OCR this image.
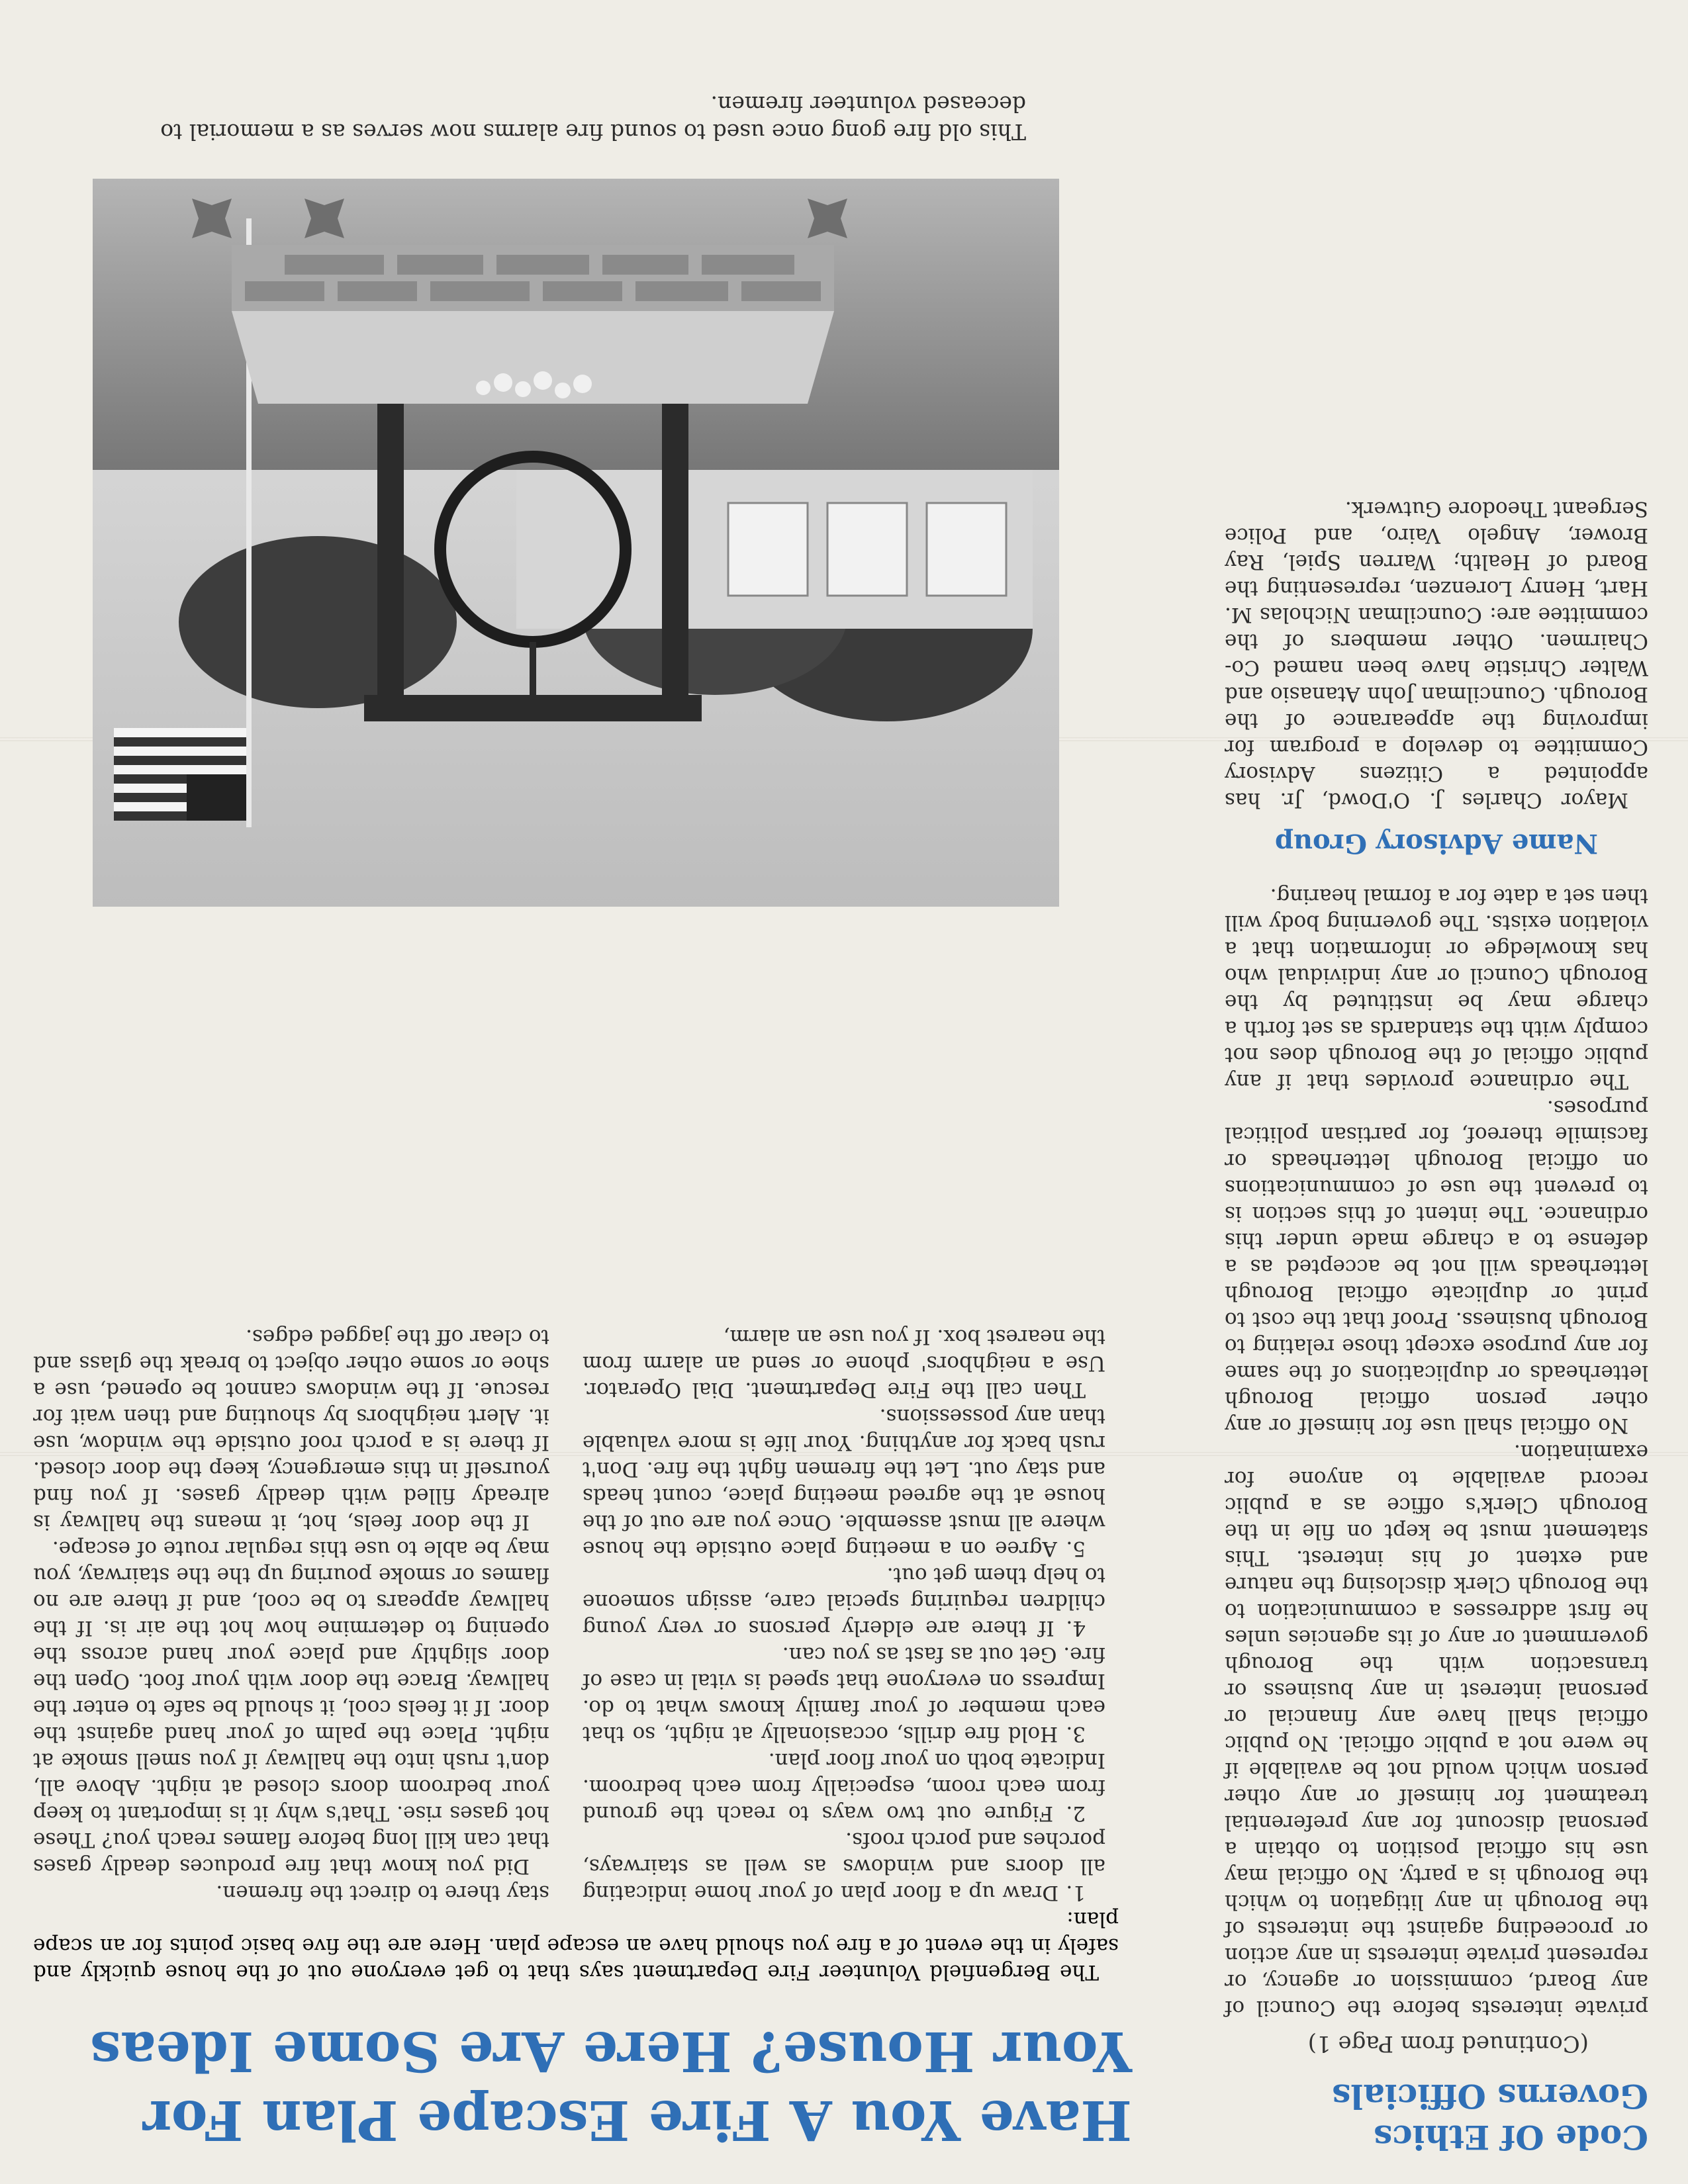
Code Of Ethics Governs Officials
(Continued from Page 1)

private interests before the Council of any Board, commission or agency, or represent private interests in any action or proceeding against the interests of the Borough in any litigation to which the Borough is a party. No official may use his official position to obtain a personal discount for any preferential treatment for himself or any other person which would not be available if he were not a public official. No public official shall have any financial or personal interest in any business or transaction with the Borough government or any of its agencies unles he first addresses a communication to the Borough Clerk disclosing the nature and extent of his interest. This statement must be kept on file in the Borough Clerk's office as a public record available to anyone for examination.

No official shall use for himself or any other person official Borough letterheads or duplications of the same for any purpose except those relating to Borough business. Proof that the cost to print or duplicate official Borough letterheads will not be accepted as a defense to a charge made under this ordinance. The intent of this section is to prevent the use of communications on official Borough letterheads or facsimile thereof, for partisan political purposes.

The ordinance provides that if any public official of the Borough does not comply with the standards as set forth a charge may be instituted by the Borough Council or any individual who has knowledge or information that a violation exists. The governing body will then set a date for a formal hearing.

Name Advisory Group

Mayor Charles J. O'Dowd, Jr. has appointed a Citizens Advisory Committee to develop a program for improving the appearance of the Borough. Councilman John Atanasio and Walter Christie have been named Co-Chairmen. Other members of the committee are: Councilman Nicholas M. Hart, Henry Lorenzen, representing the Board of Health; Warren Spiel, Ray Brower, Angelo Vairo, and Police Sergeant Theodore Gutwerk.

Have You A Fire Escape Plan For Your House? Here Are Some Ideas

The Bergenfield Volunteer Fire Department says that to get everyone out of the house quickly and safely in the event of a fire you should have an escape plan. Here are the five basic points for an scape plan:

1. Draw up a floor plan of your home indicating all doors and windows as well as stairways, porches and porch roofs.

2. Figure out two ways to reach the ground from each room, especially from each bedroom. Indicate both on your floor plan.

3. Hold fire drills, occasionally at night, so that each member of your family knows what to do. Impress on everyone that speed is vital in case of fire. Get out as fast as you can.

4. If there are elderly persons or very young children requiring special care, assign someone to help them get out.

5. Agree on a meeting place outside the house where all must assemble. Once you are out of the house at the agreed meeting place, count heads and stay out. Let the firemen fight the fire. Don't rush back for anything. Your life is more valuable than any possessions.

Then call the Fire Department. Dial Operator. Use a neighbors' phone or send an alarm from the nearest box. If you use an alarm,

stay there to direct the firemen.

Did you know that fire produces deadly gases that can kill long before flames reach you? These hot gases rise. That's why it is important to keep your bedroom doors closed at night. Above all, don't rush into the hallway if you smell smoke at night. Place the palm of your hand against the door. If it feels cool, it should be safe to enter the hallway. Brace the door with your foot. Open the door slightly and place your hand across the opening to determine how hot the air is. If the hallway appears to be cool, and if there are no flames or smoke pouring up the the stairway, you may be able to use this regular route of escape.

If the door feels, hot, it means the hallway is already filled with deadly gases. If you find yourself in this emergency, keep the door closed. If there is a porch roof outside the window, use it. Alert neighbors by shouting and then wait for rescue. If the windows cannot be opened, use a shoe or some other object to break the glass and to clear off the jagged edges.

This old fire gong once used to sound fire alarms now serves as a memorial to deceased volunteer firemen.
